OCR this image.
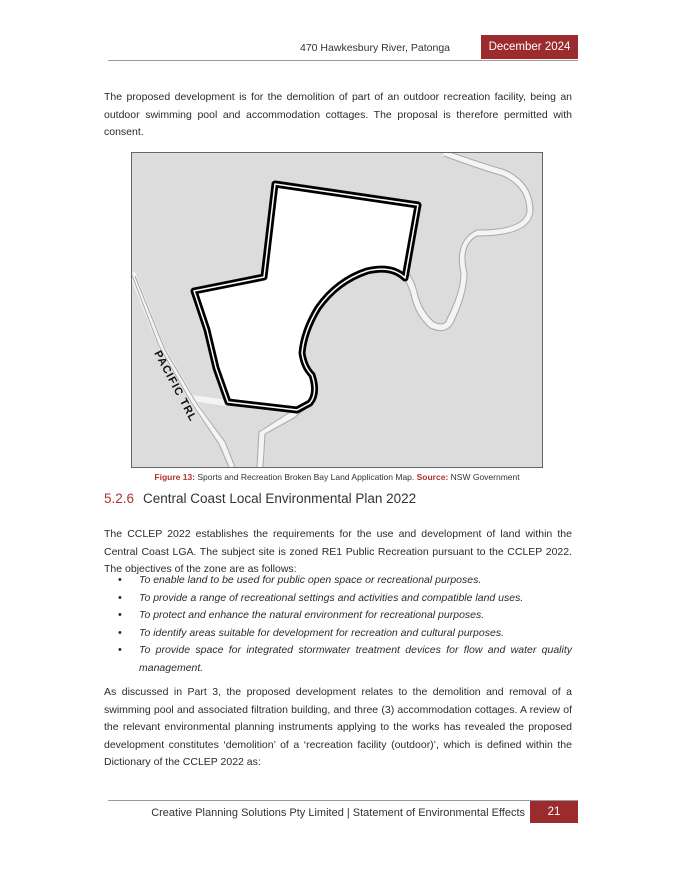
470 Hawkesbury River, Patonga	December 2024

The proposed development is for the demolition of part of an outdoor recreation facility, being an outdoor swimming pool and accommodation cottages. The proposal is therefore permitted with consent.

PACIFIC TRL
Figure 13: Sports and Recreation Broken Bay Land Application Map. Source: NSW Government
5.2.6 Central Coast Local Environmental Plan 2022

The CCLEP 2022 establishes the requirements for the use and development of land within the Central Coast LGA. The subject site is zoned RE1 Public Recreation pursuant to the CCLEP 2022. The objectives of the zone are as follows:

• To enable land to be used for public open space or recreational purposes.
• To provide a range of recreational settings and activities and compatible land uses.
• To protect and enhance the natural environment for recreational purposes.
• To identify areas suitable for development for recreation and cultural purposes.
• To provide space for integrated stormwater treatment devices for flow and water quality management.

As discussed in Part 3, the proposed development relates to the demolition and removal of a swimming pool and associated filtration building, and three (3) accommodation cottages. A review of the relevant environmental planning instruments applying to the works has revealed the proposed development constitutes ‘demolition’ of a ‘recreation facility (outdoor)’, which is defined within the Dictionary of the CCLEP 2022 as:

Creative Planning Solutions Pty Limited | Statement of Environmental Effects	21
